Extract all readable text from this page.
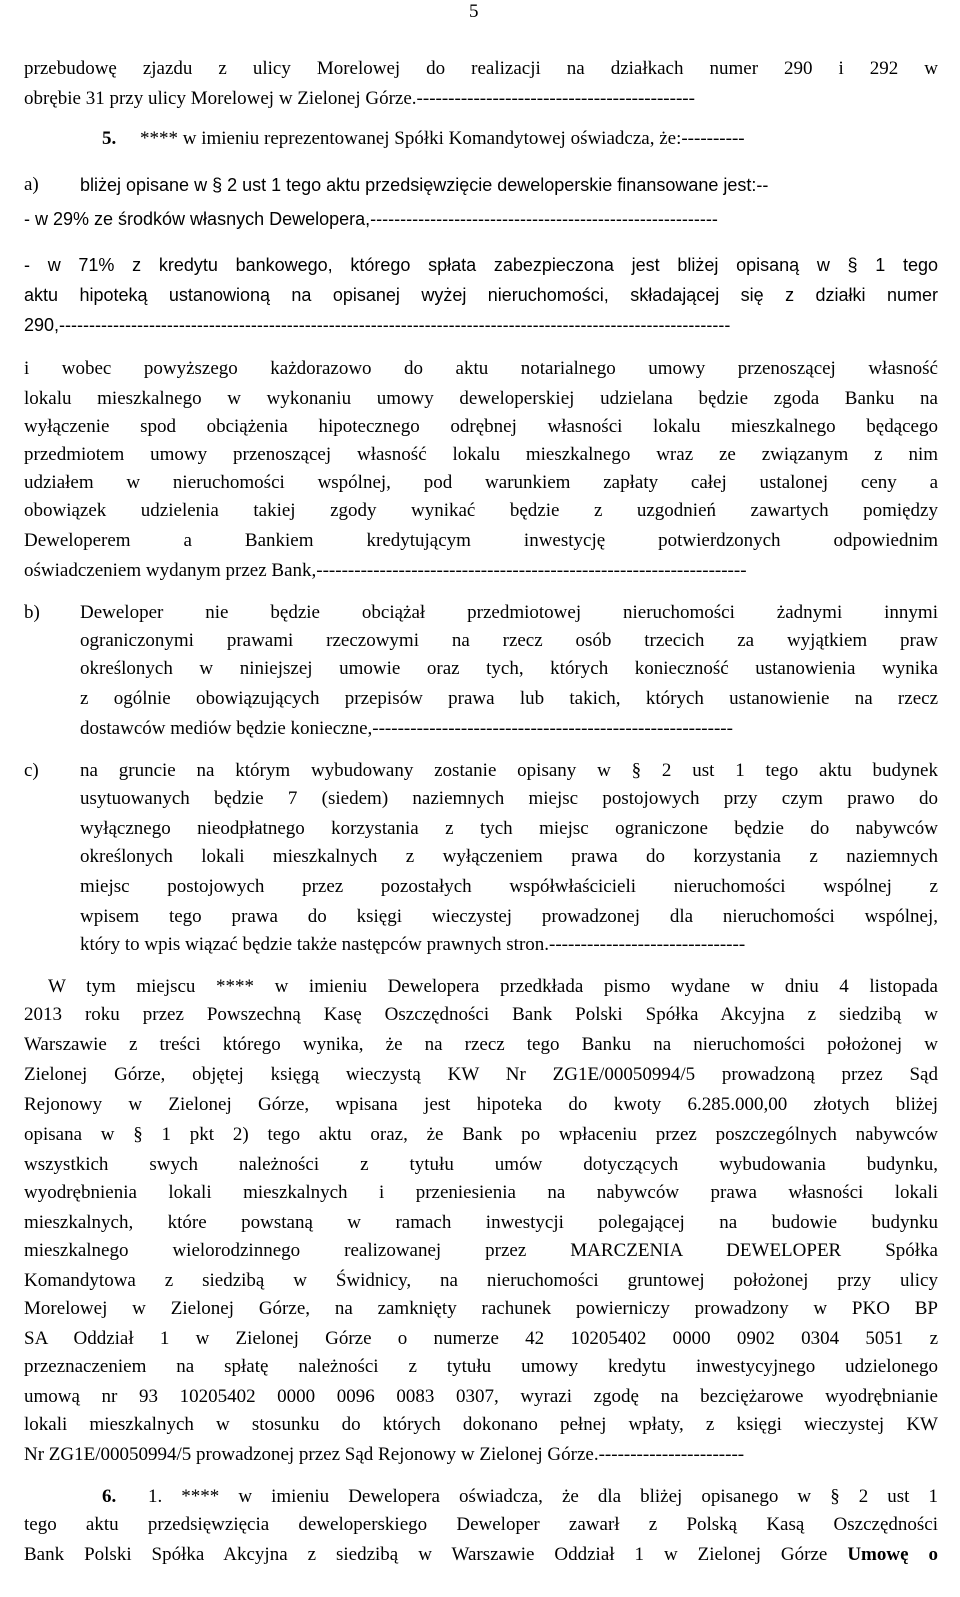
5
przebudowę zjazdu z ulicy Morelowej do realizacji na działkach numer 290 i 292 w
obrębie 31 przy ulicy Morelowej w Zielonej Górze.--------------------------------------------
5. **** w imieniu reprezentowanej Spółki Komandytowej oświadcza, że:----------
a) bliżej opisane w § 2 ust 1 tego aktu przedsięwzięcie deweloperskie finansowane jest:--
- w 29% ze środków własnych Dewelopera,----------------------------------------------------------
- w 71% z kredytu bankowego, którego spłata zabezpieczona jest bliżej opisaną w § 1 tego
aktu hipoteką ustanowioną na opisanej wyżej nieruchomości, składającej się z działki numer
290,----------------------------------------------------------------------------------------------------------------
i wobec powyższego każdorazowo do aktu notarialnego umowy przenoszącej własność
lokalu mieszkalnego w wykonaniu umowy deweloperskiej udzielana będzie zgoda Banku na
wyłączenie spod obciążenia hipotecznego odrębnej własności lokalu mieszkalnego będącego
przedmiotem umowy przenoszącej własność lokalu mieszkalnego wraz ze związanym z nim
udziałem w nieruchomości wspólnej, pod warunkiem zapłaty całej ustalonej ceny a
obowiązek udzielenia takiej zgody wynikać będzie z uzgodnień zawartych pomiędzy
Deweloperem a Bankiem kredytującym inwestycję potwierdzonych odpowiednim
oświadczeniem wydanym przez Bank,--------------------------------------------------------------------
b) Deweloper nie będzie obciążał przedmiotowej nieruchomości żadnymi innymi
ograniczonymi prawami rzeczowymi na rzecz osób trzecich za wyjątkiem praw
określonych w niniejszej umowie oraz tych, których konieczność ustanowienia wynika
z ogólnie obowiązujących przepisów prawa lub takich, których ustanowienie na rzecz
dostawców mediów będzie konieczne,---------------------------------------------------------
c) na gruncie na którym wybudowany zostanie opisany w § 2 ust 1 tego aktu budynek
usytuowanych będzie 7 (siedem) naziemnych miejsc postojowych przy czym prawo do
wyłącznego nieodpłatnego korzystania z tych miejsc ograniczone będzie do nabywców
określonych lokali mieszkalnych z wyłączeniem prawa do korzystania z naziemnych
miejsc postojowych przez pozostałych współwłaścicieli nieruchomości wspólnej z
wpisem tego prawa do księgi wieczystej prowadzonej dla nieruchomości wspólnej,
który to wpis wiązać będzie także następców prawnych stron.-------------------------------
W tym miejscu **** w imieniu Dewelopera przedkłada pismo wydane w dniu 4 listopada
2013 roku przez Powszechną Kasę Oszczędności Bank Polski Spółka Akcyjna z siedzibą w
Warszawie z treści którego wynika, że na rzecz tego Banku na nieruchomości położonej w
Zielonej Górze, objętej księgą wieczystą KW Nr ZG1E/00050994/5 prowadzoną przez Sąd
Rejonowy w Zielonej Górze, wpisana jest hipoteka do kwoty 6.285.000,00 złotych bliżej
opisana w § 1 pkt 2) tego aktu oraz, że Bank po wpłaceniu przez poszczególnych nabywców
wszystkich swych należności z tytułu umów dotyczących wybudowania budynku,
wyodrębnienia lokali mieszkalnych i przeniesienia na nabywców prawa własności lokali
mieszkalnych, które powstaną w ramach inwestycji polegającej na budowie budynku
mieszkalnego wielorodzinnego realizowanej przez MARCZENIA DEWELOPER Spółka
Komandytowa z siedzibą w Świdnicy, na nieruchomości gruntowej położonej przy ulicy
Morelowej w Zielonej Górze, na zamknięty rachunek powierniczy prowadzony w PKO BP
SA Oddział 1 w Zielonej Górze o numerze 42 10205402 0000 0902 0304 5051 z
przeznaczeniem na spłatę należności z tytułu umowy kredytu inwestycyjnego udzielonego
umową nr 93 10205402 0000 0096 0083 0307, wyrazi zgodę na bezciężarowe wyodrębnianie
lokali mieszkalnych w stosunku do których dokonano pełnej wpłaty, z księgi wieczystej KW
Nr ZG1E/00050994/5 prowadzonej przez Sąd Rejonowy w Zielonej Górze.-----------------------
6. 1. **** w imieniu Dewelopera oświadcza, że dla bliżej opisanego w § 2 ust 1
tego aktu przedsięwzięcia deweloperskiego Deweloper zawarł z Polską Kasą Oszczędności
Bank Polski Spółka Akcyjna z siedzibą w Warszawie Oddział 1 w Zielonej Górze Umowę o
